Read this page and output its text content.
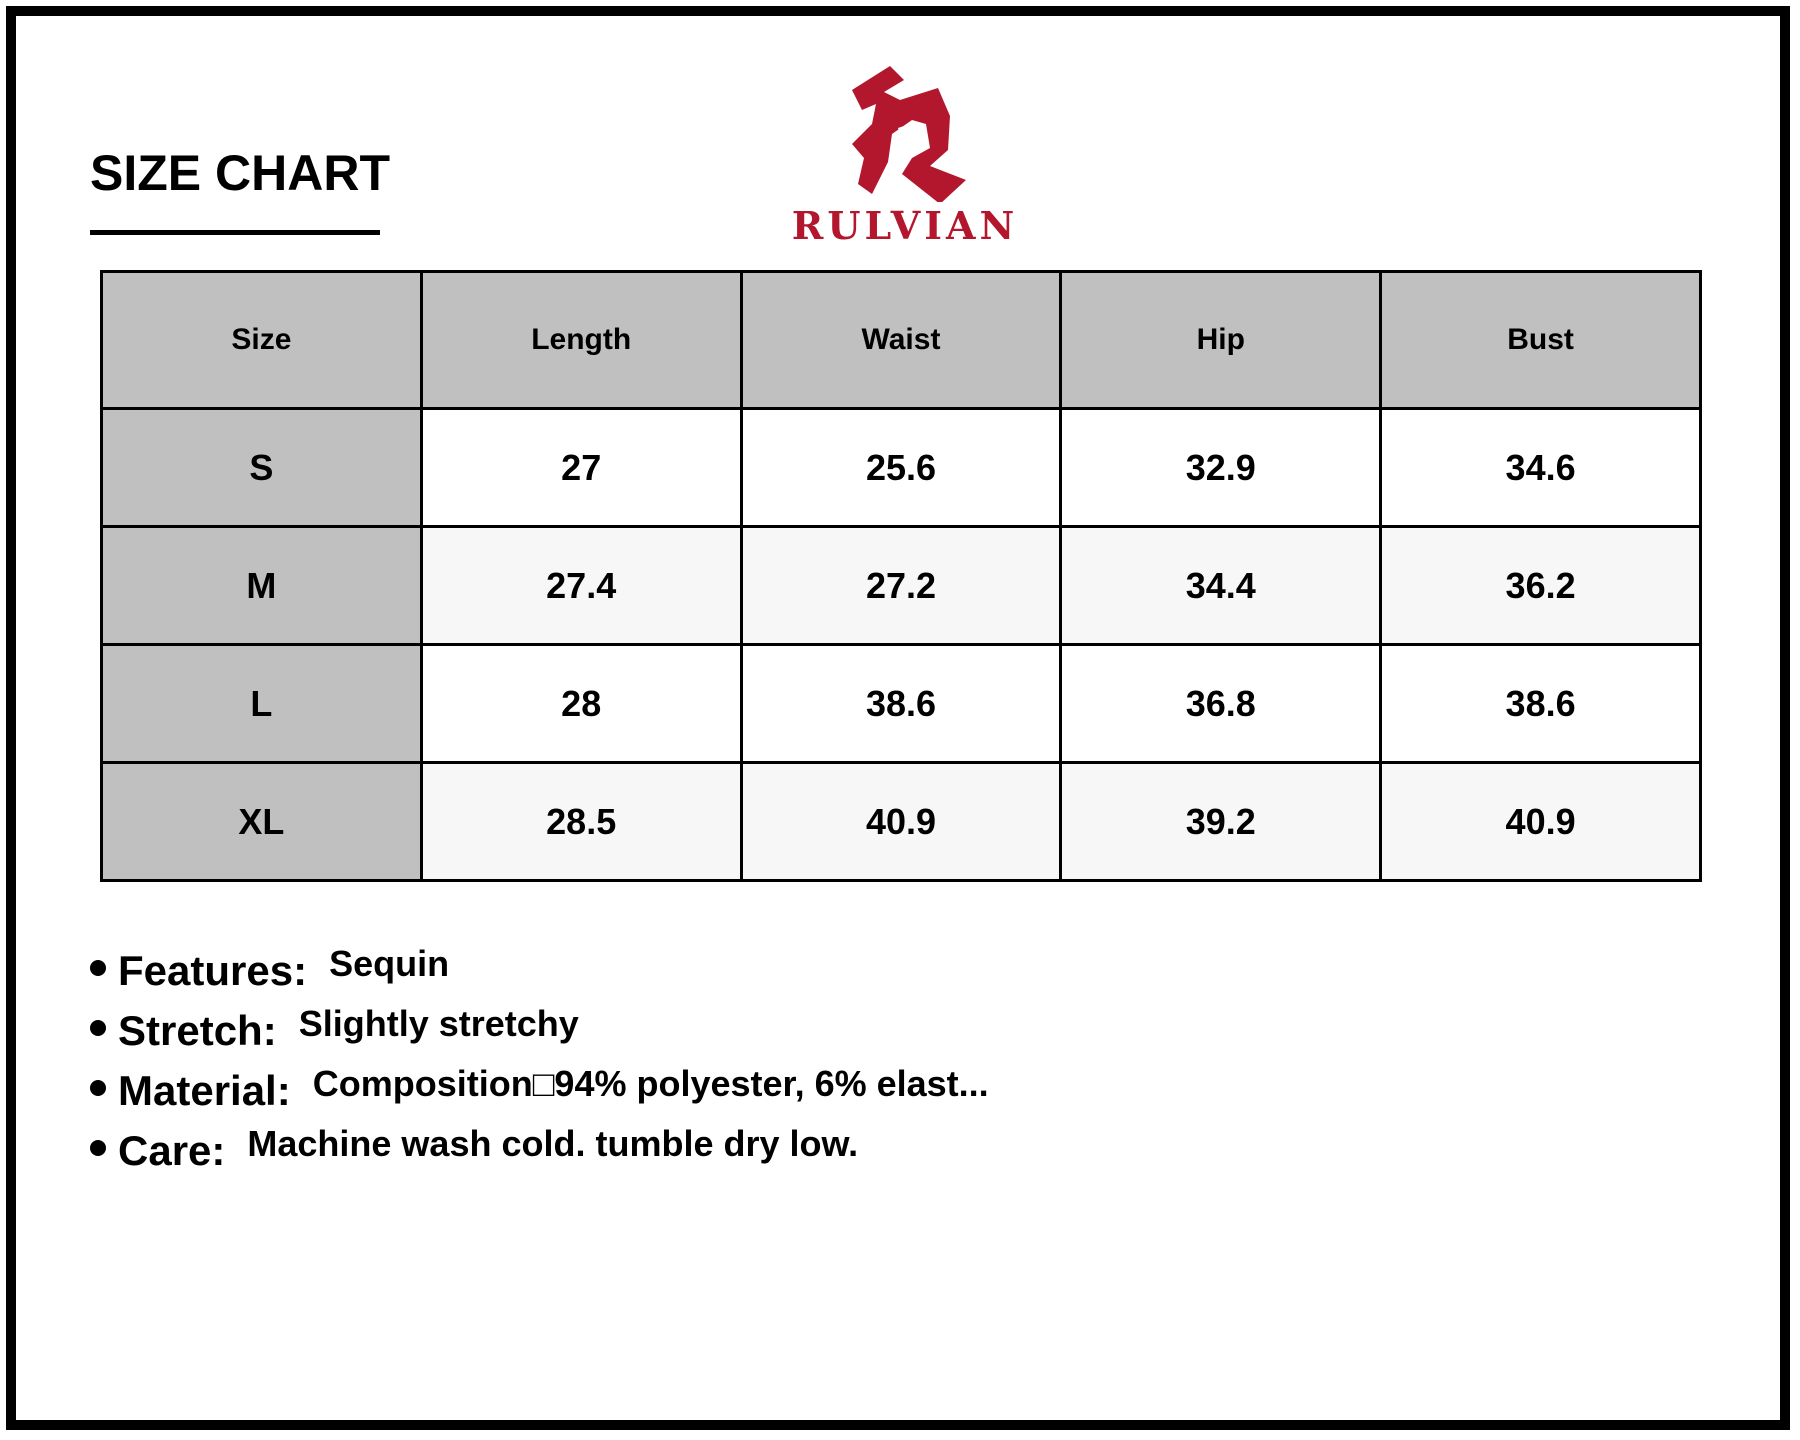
SIZE CHART
RULVIAN
Size	Length	Waist	Hip	Bust
S	27	25.6	32.9	34.6
M	27.4	27.2	34.4	36.2
L	28	38.6	36.8	38.6
XL	28.5	40.9	39.2	40.9
Features: Sequin
Stretch: Slightly stretchy
Material: Composition□94% polyester, 6% elast...
Care: Machine wash cold. tumble dry low.
